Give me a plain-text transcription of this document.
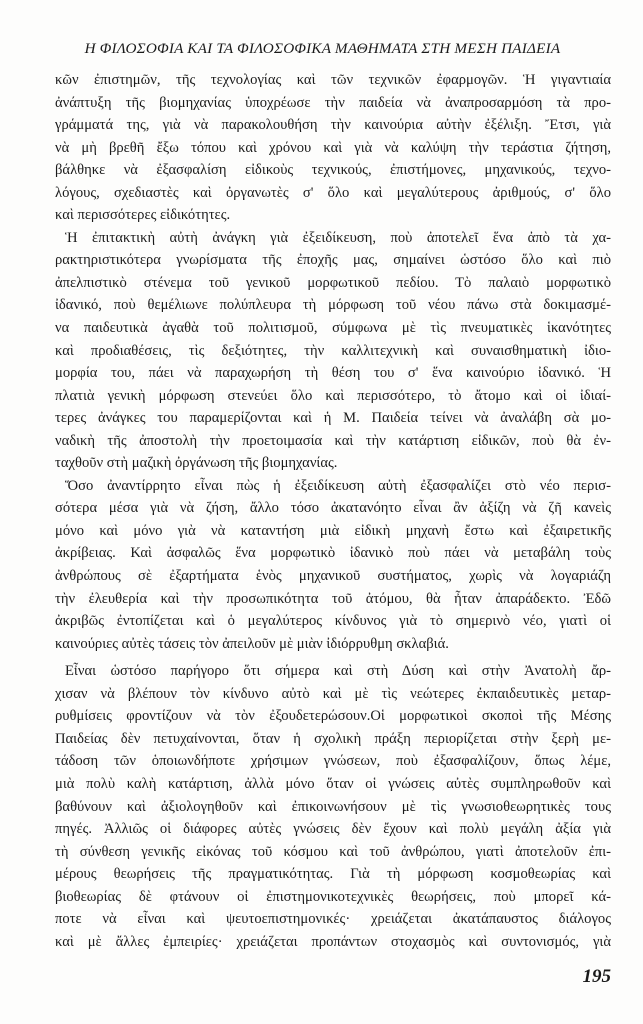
Η ΦΙΛΟΣΟΦΙΑ ΚΑΙ ΤΑ ΦΙΛΟΣΟΦΙΚΑ ΜΑΘΗΜΑΤΑ ΣΤΗ ΜΕΣΗ ΠΑΙΔΕΙΑ
κῶν ἐπιστημῶν, τῆς τεχνολογίας καὶ τῶν τεχνικῶν ἐφαρμογῶν. Ἡ γιγαντιαία
ἀνάπτυξη τῆς βιομηχανίας ὑποχρέωσε τὴν παιδεία νὰ ἀναπροσαρμόση τὰ προ-
γράμματά της, γιὰ νὰ παρακολουθήση τὴν καινούρια αὐτὴν ἐξέλιξη. Ἔτσι, γιὰ
νὰ μὴ βρεθῆ ἔξω τόπου καὶ χρόνου καὶ γιὰ νὰ καλύψη τὴν τεράστια ζήτηση,
βάλθηκε νὰ ἐξασφαλίση εἰδικοὺς τεχνικούς, ἐπιστήμονες, μηχανικούς, τεχνο-
λόγους, σχεδιαστὲς καὶ ὀργανωτὲς σ' ὅλο καὶ μεγαλύτερους ἀριθμούς, σ' ὅλο
καὶ περισσότερες εἰδικότητες.
Ἡ ἐπιτακτικὴ αὐτὴ ἀνάγκη γιὰ ἐξειδίκευση, ποὺ ἀποτελεῖ ἕνα ἀπὸ τὰ χα-
ρακτηριστικότερα γνωρίσματα τῆς ἐποχῆς μας, σημαίνει ὡστόσο ὅλο καὶ πιὸ
ἀπελπιστικὸ στένεμα τοῦ γενικοῦ μορφωτικοῦ πεδίου. Τὸ παλαιὸ μορφωτικὸ
ἰδανικό, ποὺ θεμέλιωνε πολύπλευρα τὴ μόρφωση τοῦ νέου πάνω στὰ δοκιμασμέ-
να παιδευτικὰ ἀγαθὰ τοῦ πολιτισμοῦ, σύμφωνα μὲ τὶς πνευματικὲς ἱκανότητες
καὶ προδιαθέσεις, τὶς δεξιότητες, τὴν καλλιτεχνικὴ καὶ συναισθηματικὴ ἰδιο-
μορφία του, πάει νὰ παραχωρήση τὴ θέση του σ' ἕνα καινούριο ἰδανικό. Ἡ
πλατιὰ γενικὴ μόρφωση στενεύει ὅλο καὶ περισσότερο, τὸ ἄτομο καὶ οἱ ἰδιαί-
τερες ἀνάγκες του παραμερίζονται καὶ ἡ Μ. Παιδεία τείνει νὰ ἀναλάβη σὰ μο-
ναδικὴ τῆς ἀποστολὴ τὴν προετοιμασία καὶ τὴν κατάρτιση εἰδικῶν, ποὺ θὰ ἐν-
ταχθοῦν στὴ μαζικὴ ὀργάνωση τῆς βιομηχανίας.
Ὅσο ἀναντίρρητο εἶναι πὼς ἡ ἐξειδίκευση αὐτὴ ἐξασφαλίζει στὸ νέο περισ-
σότερα μέσα γιὰ νὰ ζήση, ἄλλο τόσο ἀκατανόητο εἶναι ἂν ἀξίζη νὰ ζῆ κανεὶς
μόνο καὶ μόνο γιὰ νὰ καταντήση μιὰ εἰδικὴ μηχανὴ ἔστω καὶ ἐξαιρετικῆς
ἀκρίβειας. Καὶ ἀσφαλῶς ἕνα μορφωτικὸ ἰδανικὸ ποὺ πάει νὰ μεταβάλη τοὺς
ἀνθρώπους σὲ ἐξαρτήματα ἑνὸς μηχανικοῦ συστήματος, χωρὶς νὰ λογαριάζη
τὴν ἐλευθερία καὶ τὴν προσωπικότητα τοῦ ἀτόμου, θὰ ἦταν ἀπαράδεκτο. Ἐδῶ
ἀκριβῶς ἐντοπίζεται καὶ ὁ μεγαλύτερος κίνδυνος γιὰ τὸ σημερινὸ νέο, γιατὶ οἱ
καινούριες αὐτὲς τάσεις τὸν ἀπειλοῦν μὲ μιὰν ἰδιόρρυθμη σκλαβιά.
Εἶναι ὡστόσο παρήγορο ὅτι σήμερα καὶ στὴ Δύση καὶ στὴν Ἀνατολὴ ἄρ-
χισαν νὰ βλέπουν τὸν κίνδυνο αὐτὸ καὶ μὲ τὶς νεώτερες ἐκπαιδευτικὲς μεταρ-
ρυθμίσεις φροντίζουν νὰ τὸν ἐξουδετερώσουν.Οἱ μορφωτικοὶ σκοποὶ τῆς Μέσης
Παιδείας δὲν πετυχαίνονται, ὅταν ἡ σχολικὴ πράξη περιορίζεται στὴν ξερὴ με-
τάδοση τῶν ὁποιωνδήποτε χρήσιμων γνώσεων, ποὺ ἐξασφαλίζουν, ὅπως λέμε,
μιὰ πολὺ καλὴ κατάρτιση, ἀλλὰ μόνο ὅταν οἱ γνώσεις αὐτὲς συμπληρωθοῦν καὶ
βαθύνουν καὶ ἀξιολογηθοῦν καὶ ἐπικοινωνήσουν μὲ τὶς γνωσιοθεωρητικὲς τους
πηγές. Ἀλλιῶς οἱ διάφορες αὐτὲς γνώσεις δὲν ἔχουν καὶ πολὺ μεγάλη ἀξία γιὰ
τὴ σύνθεση γενικῆς εἰκόνας τοῦ κόσμου καὶ τοῦ ἀνθρώπου, γιατὶ ἀποτελοῦν ἐπι-
μέρους θεωρήσεις τῆς πραγματικότητας. Γιὰ τὴ μόρφωση κοσμοθεωρίας καὶ
βιοθεωρίας δὲ φτάνουν οἱ ἐπιστημονικοτεχνικὲς θεωρήσεις, ποὺ μπορεῖ κά-
ποτε νὰ εἶναι καὶ ψευτοεπιστημονικές· χρειάζεται ἀκατάπαυστος διάλογος
καὶ μὲ ἄλλες ἐμπειρίες· χρειάζεται προπάντων στοχασμὸς καὶ συντονισμός, γιὰ
195
